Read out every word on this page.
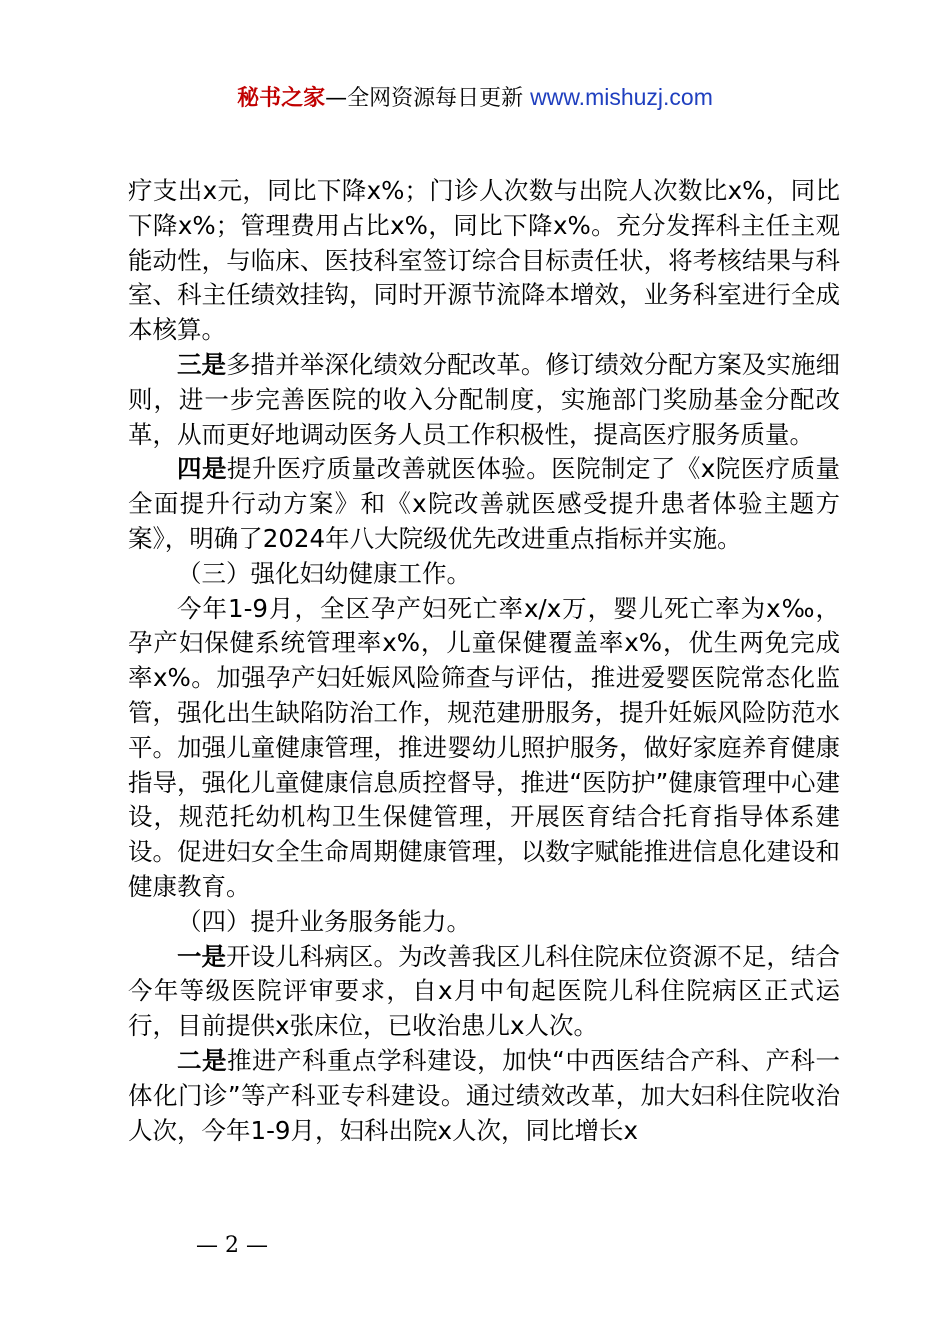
秘书之家—全网资源每日更新 www.mishuzj.com

疗支出x元，同比下降x%；门诊人次数与出院人次数比x%，同比下降x%；管理费用占比x%，同比下降x%。充分发挥科主任主观能动性，与临床、医技科室签订综合目标责任状，将考核结果与科室、科主任绩效挂钩，同时开源节流降本增效，业务科室进行全成本核算。

三是多措并举深化绩效分配改革。修订绩效分配方案及实施细则，进一步完善医院的收入分配制度，实施部门奖励基金分配改革，从而更好地调动医务人员工作积极性，提高医疗服务质量。

四是提升医疗质量改善就医体验。医院制定了《x院医疗质量全面提升行动方案》和《x院改善就医感受提升患者体验主题方案》，明确了2024年八大院级优先改进重点指标并实施。

（三）强化妇幼健康工作。

今年1-9月，全区孕产妇死亡率x/x万，婴儿死亡率为x‰，孕产妇保健系统管理率x%，儿童保健覆盖率x%，优生两免完成率x%。加强孕产妇妊娠风险筛查与评估，推进爱婴医院常态化监管，强化出生缺陷防治工作，规范建册服务，提升妊娠风险防范水平。加强儿童健康管理，推进婴幼儿照护服务，做好家庭养育健康指导，强化儿童健康信息质控督导，推进“医防护”健康管理中心建设，规范托幼机构卫生保健管理，开展医育结合托育指导体系建设。促进妇女全生命周期健康管理，以数字赋能推进信息化建设和健康教育。

（四）提升业务服务能力。

一是开设儿科病区。为改善我区儿科住院床位资源不足，结合今年等级医院评审要求，自x月中旬起医院儿科住院病区正式运行，目前提供x张床位，已收治患儿x人次。

二是推进产科重点学科建设，加快“中西医结合产科、产科一体化门诊”等产科亚专科建设。通过绩效改革，加大妇科住院收治人次，今年1-9月，妇科出院x人次，同比增长x

— 2 —
